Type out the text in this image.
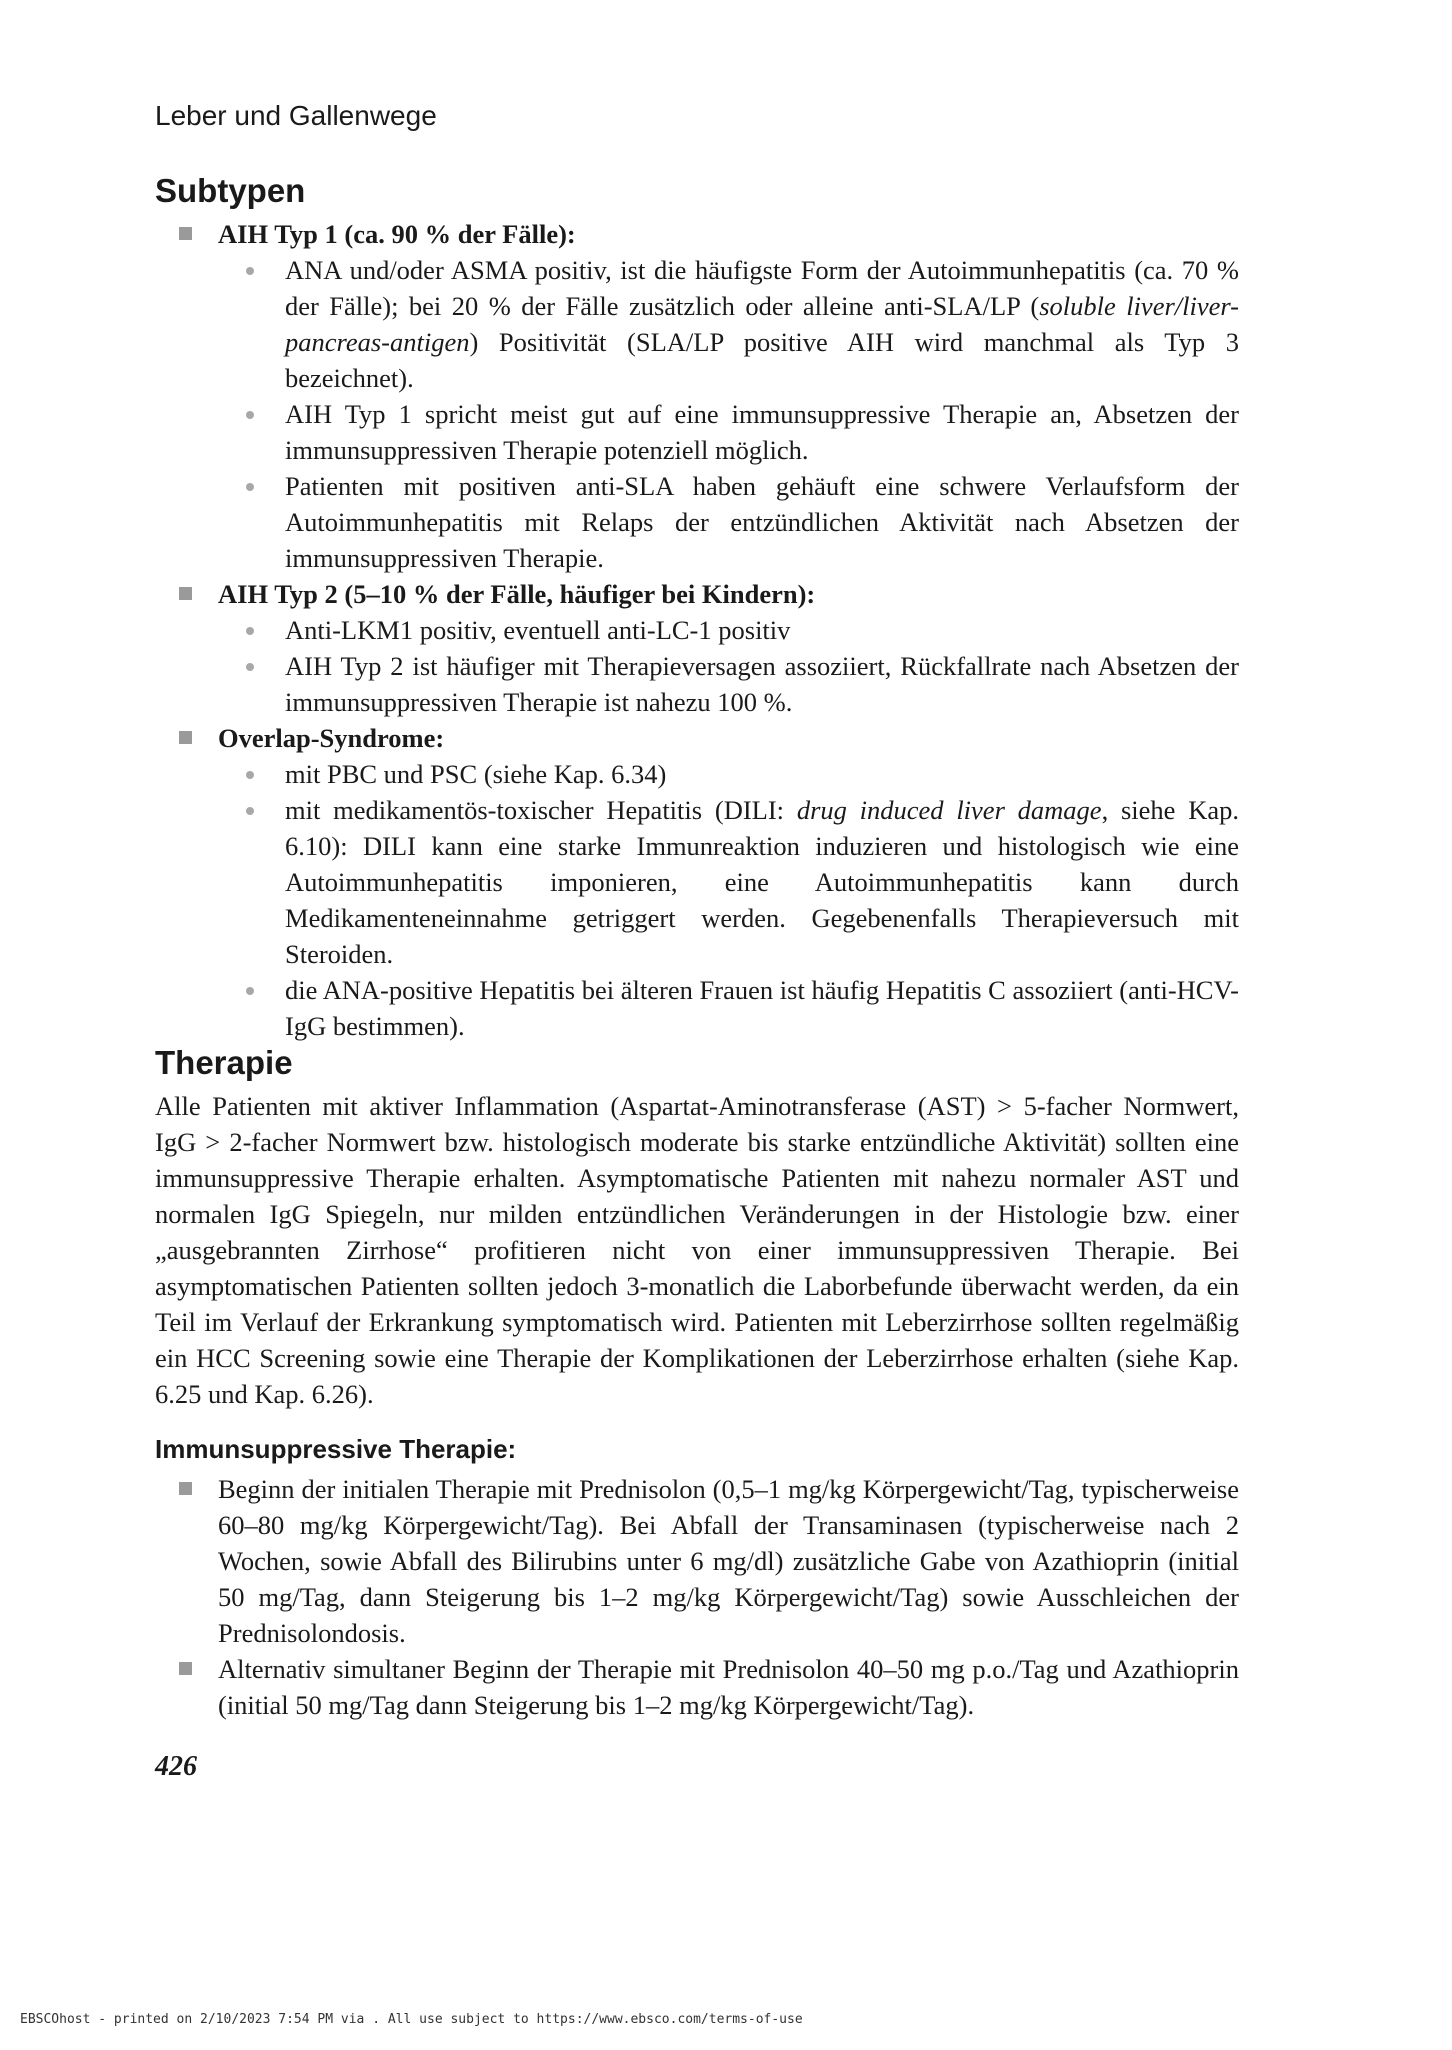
Leber und Gallenwege
Subtypen
AIH Typ 1 (ca. 90 % der Fälle):
ANA und/oder ASMA positiv, ist die häufigste Form der Autoimmunhepatitis (ca. 70 % der Fälle); bei 20 % der Fälle zusätzlich oder alleine anti-SLA/LP (soluble liver/liver-pancreas-antigen) Positivität (SLA/LP positive AIH wird manchmal als Typ 3 bezeichnet).
AIH Typ 1 spricht meist gut auf eine immunsuppressive Therapie an, Absetzen der immunsuppressiven Therapie potenziell möglich.
Patienten mit positiven anti-SLA haben gehäuft eine schwere Verlaufsform der Autoimmunhepatitis mit Relaps der entzündlichen Aktivität nach Absetzen der immunsuppressiven Therapie.
AIH Typ 2 (5–10 % der Fälle, häufiger bei Kindern):
Anti-LKM1 positiv, eventuell anti-LC-1 positiv
AIH Typ 2 ist häufiger mit Therapieversagen assoziiert, Rückfallrate nach Absetzen der immunsuppressiven Therapie ist nahezu 100 %.
Overlap-Syndrome:
mit PBC und PSC (siehe Kap. 6.34)
mit medikamentös-toxischer Hepatitis (DILI: drug induced liver damage, siehe Kap. 6.10): DILI kann eine starke Immunreaktion induzieren und histologisch wie eine Autoimmunhepatitis imponieren, eine Autoimmunhepatitis kann durch Medikamenteneinnahme getriggert werden. Gegebenenfalls Therapieversuch mit Steroiden.
die ANA-positive Hepatitis bei älteren Frauen ist häufig Hepatitis C assoziiert (anti-HCV-IgG bestimmen).
Therapie

Alle Patienten mit aktiver Inflammation (Aspartat-Aminotransferase (AST) > 5-facher Normwert, IgG > 2-facher Normwert bzw. histologisch moderate bis starke entzündliche Aktivität) sollten eine immunsuppressive Therapie erhalten. Asymptomatische Patienten mit nahezu normaler AST und normalen IgG Spiegeln, nur milden entzündlichen Veränderungen in der Histologie bzw. einer „ausgebrannten Zirrhose“ profitieren nicht von einer immunsuppressiven Therapie. Bei asymptomatischen Patienten sollten jedoch 3-monatlich die Laborbefunde überwacht werden, da ein Teil im Verlauf der Erkrankung symptomatisch wird. Patienten mit Leberzirrhose sollten regelmäßig ein HCC Screening sowie eine Therapie der Komplikationen der Leberzirrhose erhalten (siehe Kap. 6.25 und Kap. 6.26).

Immunsuppressive Therapie:
Beginn der initialen Therapie mit Prednisolon (0,5–1 mg/kg Körpergewicht/Tag, typischerweise 60–80 mg/kg Körpergewicht/Tag). Bei Abfall der Transaminasen (typischerweise nach 2 Wochen, sowie Abfall des Bilirubins unter 6 mg/dl) zusätzliche Gabe von Azathioprin (initial 50 mg/Tag, dann Steigerung bis 1–2 mg/kg Körpergewicht/Tag) sowie Ausschleichen der Prednisolondosis.
Alternativ simultaner Beginn der Therapie mit Prednisolon 40–50 mg p.o./Tag und Azathioprin (initial 50 mg/Tag dann Steigerung bis 1–2 mg/kg Körpergewicht/Tag).
426
EBSCOhost - printed on 2/10/2023 7:54 PM via . All use subject to https://www.ebsco.com/terms-of-use
